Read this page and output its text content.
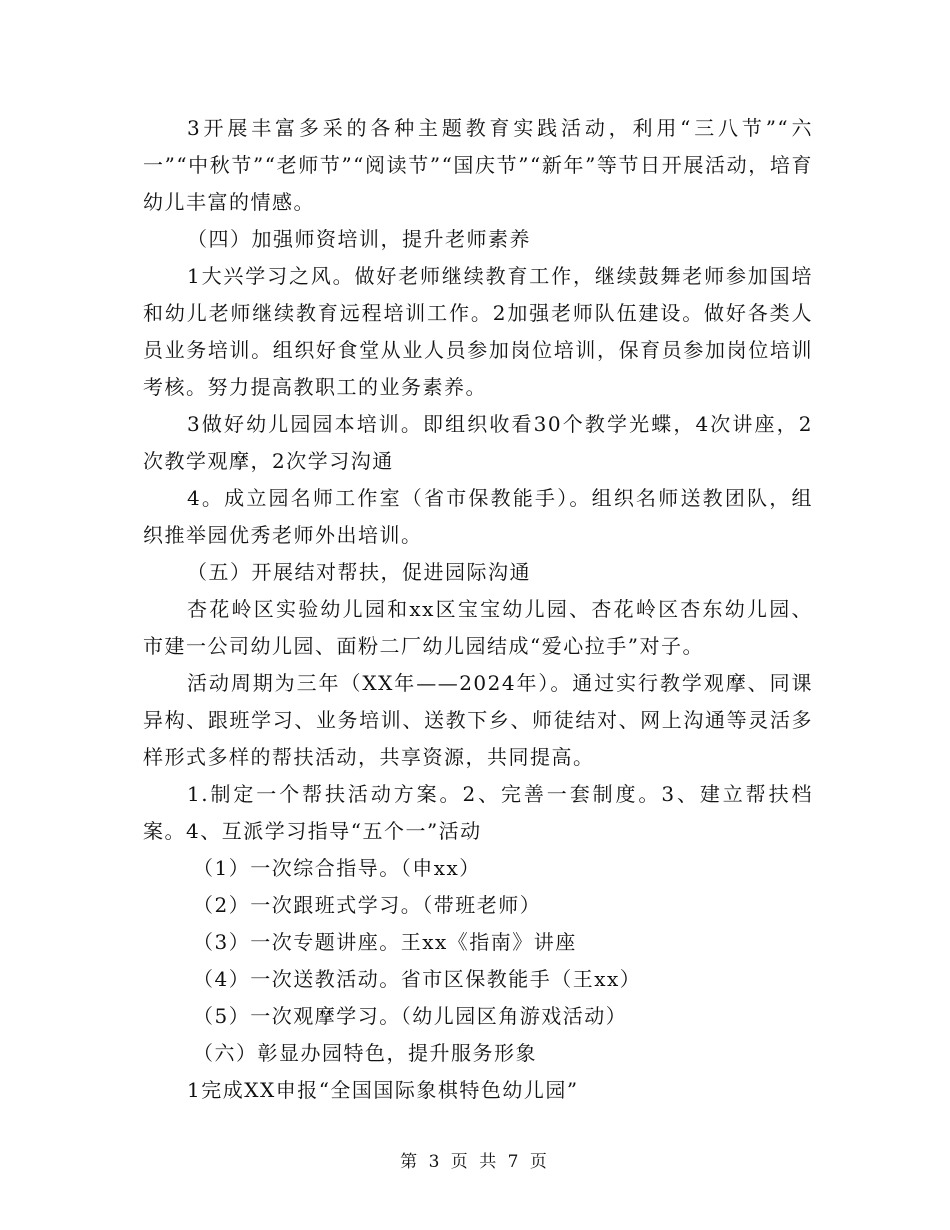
3开展丰富多采的各种主题教育实践活动，利用“三八节”“六一”“中秋节”“老师节”“阅读节”“国庆节”“新年”等节日开展活动，培育幼儿丰富的情感。

（四）加强师资培训，提升老师素养

1大兴学习之风。做好老师继续教育工作，继续鼓舞老师参加国培和幼儿老师继续教育远程培训工作。2加强老师队伍建设。做好各类人员业务培训。组织好食堂从业人员参加岗位培训，保育员参加岗位培训考核。努力提高教职工的业务素养。

3做好幼儿园园本培训。即组织收看30个教学光蝶，4次讲座，2次教学观摩，2次学习沟通

4。成立园名师工作室（省市保教能手）。组织名师送教团队，组织推举园优秀老师外出培训。

（五）开展结对帮扶，促进园际沟通

杏花岭区实验幼儿园和xx区宝宝幼儿园、杏花岭区杏东幼儿园、市建一公司幼儿园、面粉二厂幼儿园结成“爱心拉手”对子。

活动周期为三年（XX年——2024年）。通过实行教学观摩、同课异构、跟班学习、业务培训、送教下乡、师徒结对、网上沟通等灵活多样形式多样的帮扶活动，共享资源，共同提高。

1.制定一个帮扶活动方案。2、完善一套制度。3、建立帮扶档案。4、互派学习指导“五个一”活动

（1）一次综合指导。（申xx）

（2）一次跟班式学习。（带班老师）

（3）一次专题讲座。王xx《指南》讲座

（4）一次送教活动。省市区保教能手（王xx）

（5）一次观摩学习。（幼儿园区角游戏活动）

（六）彰显办园特色，提升服务形象

1完成XX申报“全国国际象棋特色幼儿园”

第 3 页 共 7 页
